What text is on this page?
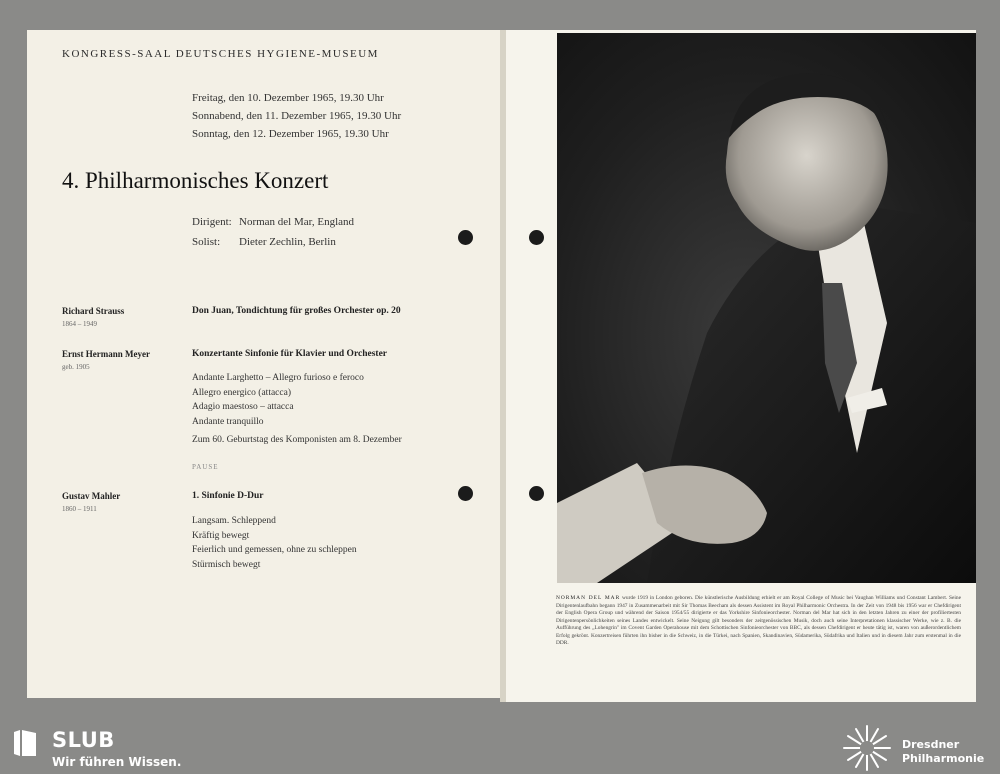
KONGRESS-SAAL DEUTSCHES HYGIENE-MUSEUM
Freitag, den 10. Dezember 1965, 19.30 Uhr
Sonnabend, den 11. Dezember 1965, 19.30 Uhr
Sonntag, den 12. Dezember 1965, 19.30 Uhr
4. Philharmonisches Konzert
Dirigent: Norman del Mar, England
Solist: Dieter Zechlin, Berlin
Richard Strauss
1864 – 1949
Don Juan, Tondichtung für großes Orchester op. 20
Ernst Hermann Meyer
geb. 1905
Konzertante Sinfonie für Klavier und Orchester
Andante Larghetto – Allegro furioso e feroco
Allegro energico (attacca)
Adagio maestoso – attacca
Andante tranquillo
Zum 60. Geburtstag des Komponisten am 8. Dezember
PAUSE
Gustav Mahler
1860 – 1911
1. Sinfonie D-Dur
Langsam. Schleppend
Kräftig bewegt
Feierlich und gemessen, ohne zu schleppen
Stürmisch bewegt
NORMAN DEL MAR wurde 1919 in London geboren. Die künstlerische Ausbildung erhielt er am Royal College of Music bei Vaughan Williams und Constant Lambert. Seine Dirigentenlaufbahn begann 1947 in Zusammenarbeit mit Sir Thomas Beecham als dessen Assistent im Royal Philharmonic Orchestra. In der Zeit von 1948 bis 1956 war er Chefdirigent der English Opera Group und während der Saison 1954/55 dirigierte er das Yorkshire Sinfonieorchester. Norman del Mar hat sich in den letzten Jahren zu einer der profiliertesten Dirigentenpersönlichkeiten seines Landes entwickelt. Seine Neigung gilt besonders der zeitgenössischen Musik, doch auch seine Interpretationen klassischer Werke, wie z. B. die Aufführung des „Lohengrin" im Covent Garden Operahouse mit dem Schottischen Sinfonieorchester von BBC, als dessen Chefdirigent er heute tätig ist, waren von außerordentlichem Erfolg gekrönt. Konzertreisen führten ihn bisher in die Schweiz, in die Türkei, nach Spanien, Skandinavien, Südamerika, Südafrika und Italien und in diesem Jahr zum erstenmal in die DDR.
SLUB
Wir führen Wissen.
Dresdner
Philharmonie
